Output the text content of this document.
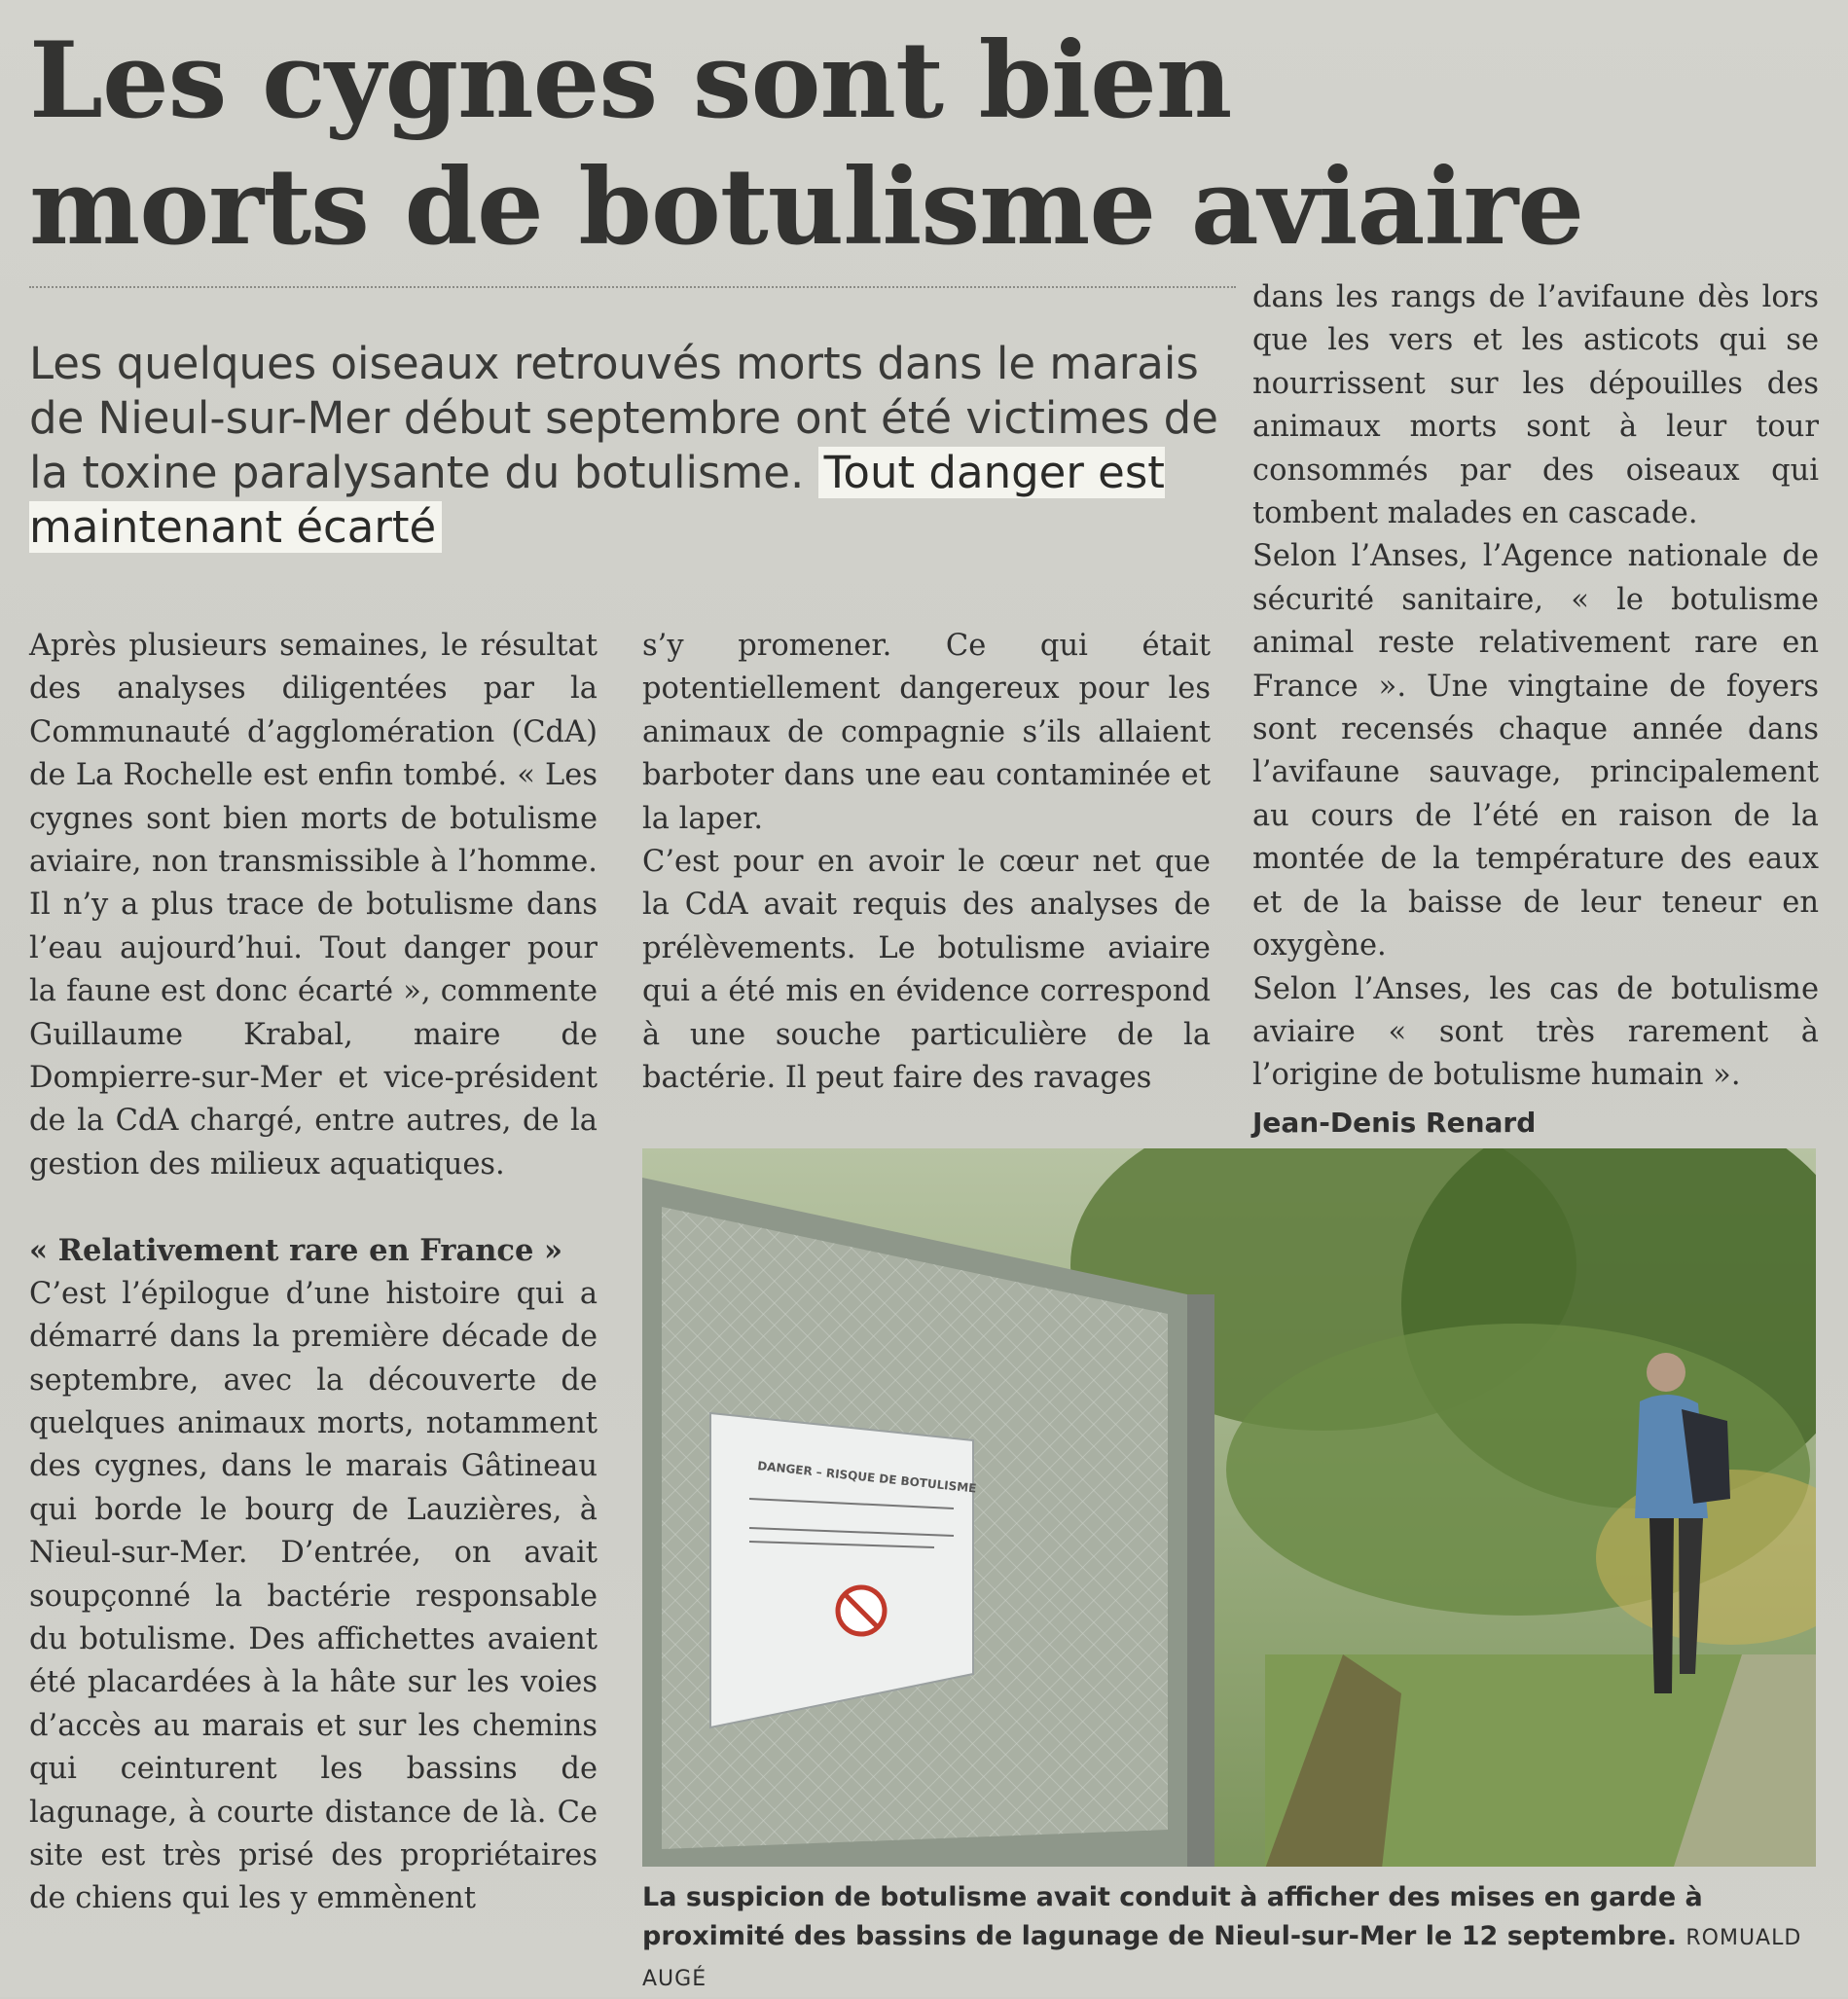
Les cygnes sont bien morts de botulisme aviaire

Les quelques oiseaux retrouvés morts dans le marais de Nieul-sur-Mer début septembre ont été victimes de la toxine paralysante du botulisme. Tout danger est maintenant écarté

Après plusieurs semaines, le résultat des analyses diligentées par la Communauté d’agglomération (CdA) de La Rochelle est enfin tombé. « Les cygnes sont bien morts de botulisme aviaire, non transmissible à l’homme. Il n’y a plus trace de botulisme dans l’eau aujourd’hui. Tout danger pour la faune est donc écarté », commente Guillaume Krabal, maire de Dompierre-sur-Mer et vice-président de la CdA chargé, entre autres, de la gestion des milieux aquatiques.

« Relativement rare en France »

C’est l’épilogue d’une histoire qui a démarré dans la première décade de septembre, avec la découverte de quelques animaux morts, notamment des cygnes, dans le marais Gâtineau qui borde le bourg de Lauzières, à Nieul-sur-Mer. D’entrée, on avait soupçonné la bactérie responsable du botulisme. Des affichettes avaient été placardées à la hâte sur les voies d’accès au marais et sur les chemins qui ceinturent les bassins de lagunage, à courte distance de là. Ce site est très prisé des propriétaires de chiens qui les y emmènent

s’y promener. Ce qui était potentiellement dangereux pour les animaux de compagnie s’ils allaient barboter dans une eau contaminée et la laper.

C’est pour en avoir le cœur net que la CdA avait requis des analyses de prélèvements. Le botulisme aviaire qui a été mis en évidence correspond à une souche particulière de la bactérie. Il peut faire des ravages

dans les rangs de l’avifaune dès lors que les vers et les asticots qui se nourrissent sur les dépouilles des animaux morts sont à leur tour consommés par des oiseaux qui tombent malades en cascade.

Selon l’Anses, l’Agence nationale de sécurité sanitaire, « le botulisme animal reste relativement rare en France ». Une vingtaine de foyers sont recensés chaque année dans l’avifaune sauvage, principalement au cours de l’été en raison de la montée de la température des eaux et de la baisse de leur teneur en oxygène.

Selon l’Anses, les cas de botulisme aviaire « sont très rarement à l’origine de botulisme humain ».

Jean-Denis Renard

DANGER – RISQUE DE BOTULISME

La suspicion de botulisme avait conduit à afficher des mises en garde à proximité des bassins de lagunage de Nieul-sur-Mer le 12 septembre. ROMUALD AUGÉ
